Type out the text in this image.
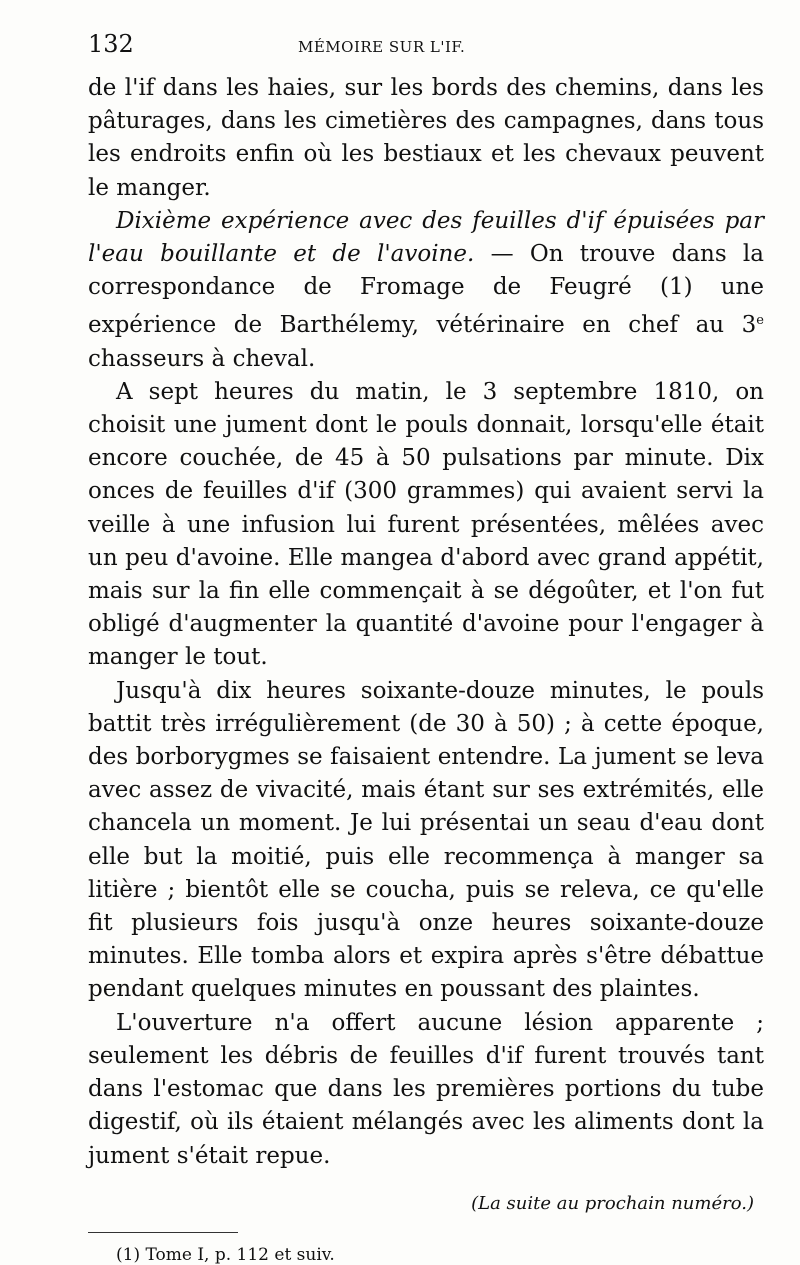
132	MÉMOIRE SUR L'IF.

de l'if dans les haies, sur les bords des chemins, dans les pâturages, dans les cimetières des campagnes, dans tous les endroits enfin où les bestiaux et les chevaux peuvent le manger.

Dixième expérience avec des feuilles d'if épuisées par l'eau bouillante et de l'avoine. — On trouve dans la correspondance de Fromage de Feugré (1) une expérience de Barthélemy, vétérinaire en chef au 3e chasseurs à cheval.

A sept heures du matin, le 3 septembre 1810, on choisit une jument dont le pouls donnait, lorsqu'elle était encore couchée, de 45 à 50 pulsations par minute. Dix onces de feuilles d'if (300 grammes) qui avaient servi la veille à une infusion lui furent présentées, mêlées avec un peu d'avoine. Elle mangea d'abord avec grand appétit, mais sur la fin elle commençait à se dégoûter, et l'on fut obligé d'augmenter la quantité d'avoine pour l'engager à manger le tout.

Jusqu'à dix heures soixante-douze minutes, le pouls battit très irrégulièrement (de 30 à 50) ; à cette époque, des borborygmes se faisaient entendre. La jument se leva avec assez de vivacité, mais étant sur ses extrémités, elle chancela un moment. Je lui présentai un seau d'eau dont elle but la moitié, puis elle recommença à manger sa litière ; bientôt elle se coucha, puis se releva, ce qu'elle fit plusieurs fois jusqu'à onze heures soixante-douze minutes. Elle tomba alors et expira après s'être débattue pendant quelques minutes en poussant des plaintes.

L'ouverture n'a offert aucune lésion apparente ; seulement les débris de feuilles d'if furent trouvés tant dans l'estomac que dans les premières portions du tube digestif, où ils étaient mélangés avec les aliments dont la jument s'était repue.

(La suite au prochain numéro.)
(1) Tome I, p. 112 et suiv.
